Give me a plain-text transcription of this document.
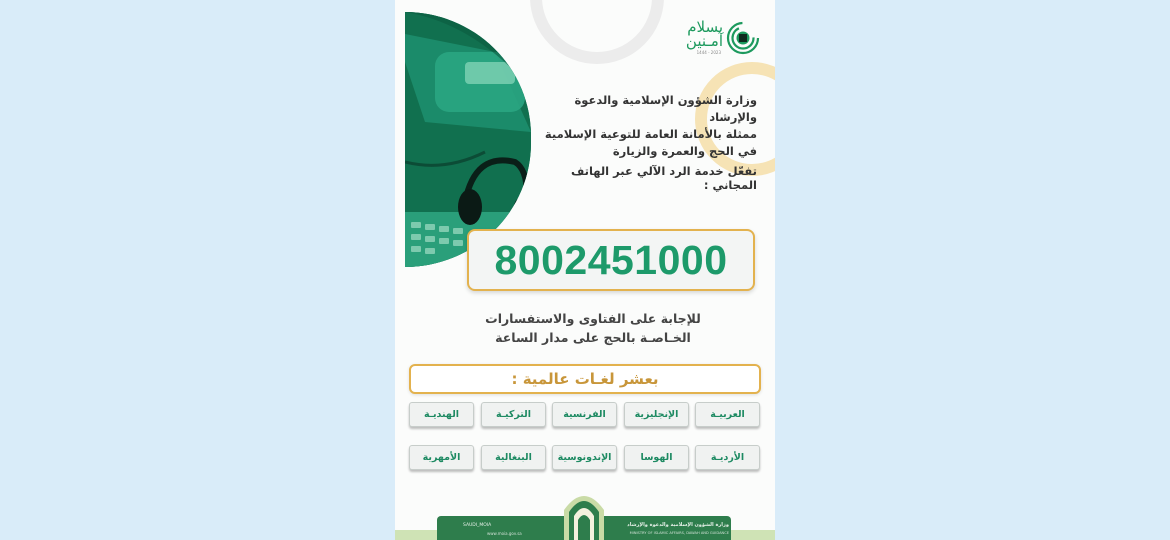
بسلام
آمـنين
1444 - 2023
وزارة الشؤون الإسلامية والدعوة والإرشاد
ممثلة بالأمانة العامة للتوعية الإسلامية
في الحج والعمرة والزيارة
تفعّل خدمة الرد الآلي عبر الهاتف المجاني :
8002451000
للإجابة على الفتاوى والاستفسارات
الخـاصـة بالحج على مدار الساعة
بعشر لغـات عالمية :
العربيـة
الإنجليزية
الفرنسية
التركيـة
الهنديـة
الأرديـة
الهوسا
الإندونوسية
البنغالية
الأمهرية
SAUDI_MOIA
www.moia.gov.sa
وزارة الشؤون الإسلامية والدعوة والإرشاد
MINISTRY OF ISLAMIC AFFAIRS, DAWAH AND GUIDANCE
